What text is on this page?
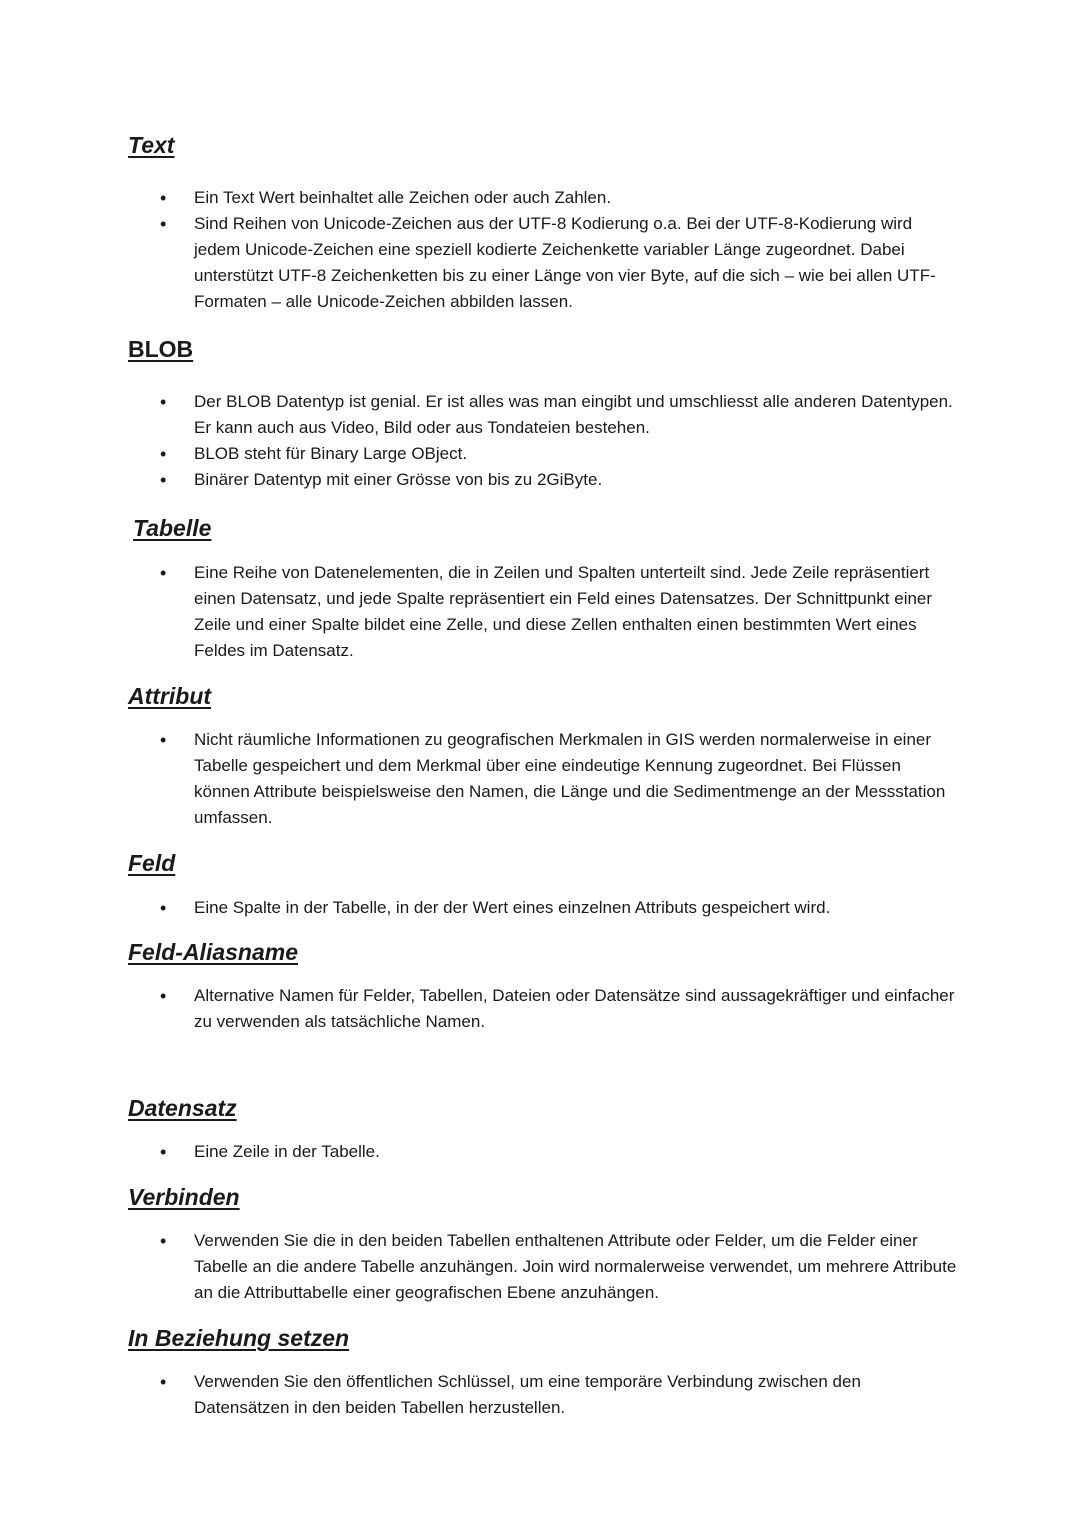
Text
• Ein Text Wert beinhaltet alle Zeichen oder auch Zahlen.
• Sind Reihen von Unicode-Zeichen aus der UTF-8 Kodierung o.a. Bei der UTF-8-Kodierung wird jedem Unicode-Zeichen eine speziell kodierte Zeichenkette variabler Länge zugeordnet. Dabei unterstützt UTF-8 Zeichenketten bis zu einer Länge von vier Byte, auf die sich – wie bei allen UTF-Formaten – alle Unicode-Zeichen abbilden lassen.
BLOB
• Der BLOB Datentyp ist genial. Er ist alles was man eingibt und umschliesst alle anderen Datentypen. Er kann auch aus Video, Bild oder aus Tondateien bestehen.
• BLOB steht für Binary Large OBject.
• Binärer Datentyp mit einer Grösse von bis zu 2GiByte.
Tabelle
• Eine Reihe von Datenelementen, die in Zeilen und Spalten unterteilt sind. Jede Zeile repräsentiert einen Datensatz, und jede Spalte repräsentiert ein Feld eines Datensatzes. Der Schnittpunkt einer Zeile und einer Spalte bildet eine Zelle, und diese Zellen enthalten einen bestimmten Wert eines Feldes im Datensatz.
Attribut
• Nicht räumliche Informationen zu geografischen Merkmalen in GIS werden normalerweise in einer Tabelle gespeichert und dem Merkmal über eine eindeutige Kennung zugeordnet. Bei Flüssen können Attribute beispielsweise den Namen, die Länge und die Sedimentmenge an der Messstation umfassen.
Feld
• Eine Spalte in der Tabelle, in der der Wert eines einzelnen Attributs gespeichert wird.
Feld-Aliasname
• Alternative Namen für Felder, Tabellen, Dateien oder Datensätze sind aussagekräftiger und einfacher zu verwenden als tatsächliche Namen.
Datensatz
• Eine Zeile in der Tabelle.
Verbinden
• Verwenden Sie die in den beiden Tabellen enthaltenen Attribute oder Felder, um die Felder einer Tabelle an die andere Tabelle anzuhängen. Join wird normalerweise verwendet, um mehrere Attribute an die Attributtabelle einer geografischen Ebene anzuhängen.
In Beziehung setzen
• Verwenden Sie den öffentlichen Schlüssel, um eine temporäre Verbindung zwischen den Datensätzen in den beiden Tabellen herzustellen.
